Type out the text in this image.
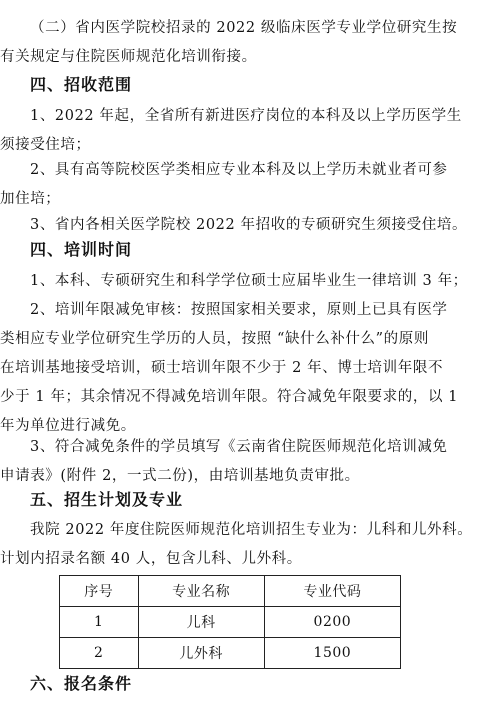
（二）省内医学院校招录的 2022 级临床医学专业学位研究生按
有关规定与住院医师规范化培训衔接。
四、招收范围
1、2022 年起，全省所有新进医疗岗位的本科及以上学历医学生
须接受住培；
2、具有高等院校医学类相应专业本科及以上学历未就业者可参
加住培；
3、省内各相关医学院校 2022 年招收的专硕研究生须接受住培。
四、培训时间
1、本科、专硕研究生和科学学位硕士应届毕业生一律培训 3 年；
2、培训年限减免审核：按照国家相关要求，原则上已具有医学
类相应专业学位研究生学历的人员，按照 “缺什么补什么”的原则
在培训基地接受培训，硕士培训年限不少于 2 年、博士培训年限不
少于 1 年；其余情况不得减免培训年限。符合减免年限要求的，以 1
年为单位进行减免。
3、符合减免条件的学员填写《云南省住院医师规范化培训减免
申请表》(附件 2，一式二份)，由培训基地负责审批。
五、招生计划及专业
我院 2022 年度住院医师规范化培训招生专业为：儿科和儿外科。
计划内招录名额 40 人，包含儿科、儿外科。
序号	专业名称	专业代码
1	儿科	0200
2	儿外科	1500
六、报名条件
